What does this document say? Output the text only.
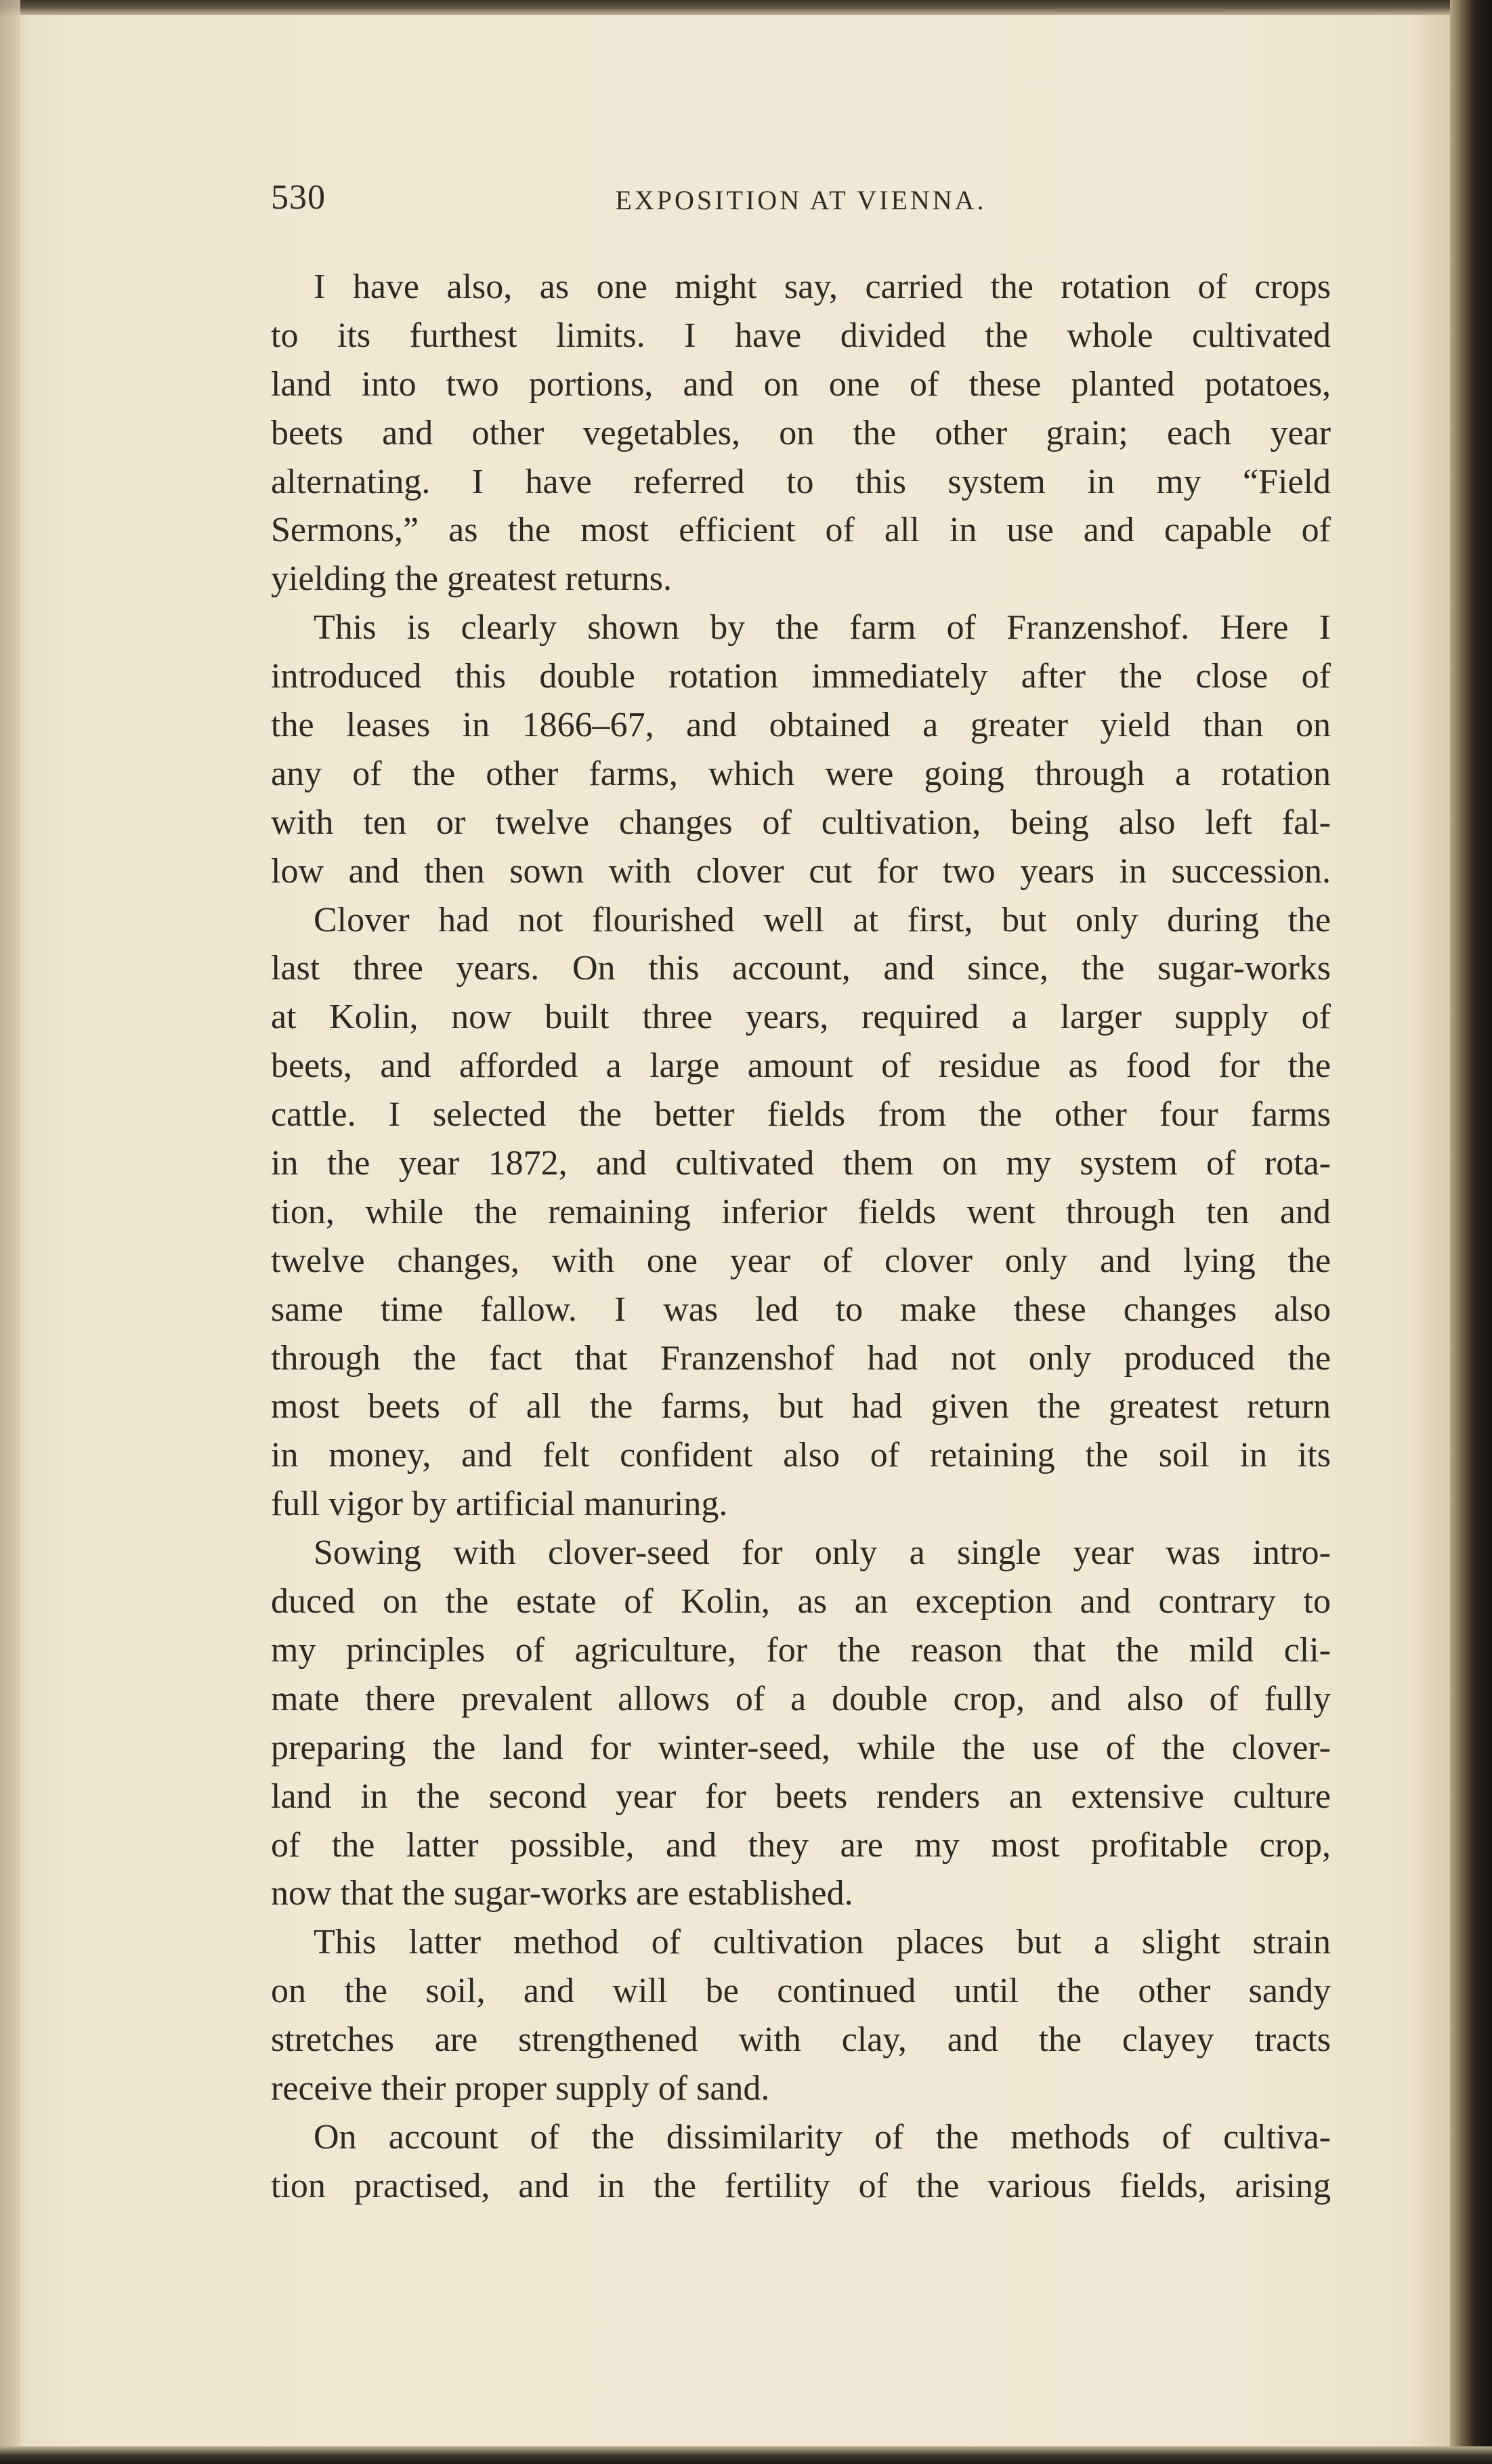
530	EXPOSITION AT VIENNA.
I have also, as one might say, carried the rotation of crops
to its furthest limits. I have divided the whole cultivated
land into two portions, and on one of these planted potatoes,
beets and other vegetables, on the other grain; each year
alternating. I have referred to this system in my “Field
Sermons,” as the most efficient of all in use and capable of
yielding the greatest returns.
This is clearly shown by the farm of Franzenshof. Here I
introduced this double rotation immediately after the close of
the leases in 1866–67, and obtained a greater yield than on
any of the other farms, which were going through a rotation
with ten or twelve changes of cultivation, being also left fal-
low and then sown with clover cut for two years in succession.
Clover had not flourished well at first, but only during the
last three years. On this account, and since, the sugar-works
at Kolin, now built three years, required a larger supply of
beets, and afforded a large amount of residue as food for the
cattle. I selected the better fields from the other four farms
in the year 1872, and cultivated them on my system of rota-
tion, while the remaining inferior fields went through ten and
twelve changes, with one year of clover only and lying the
same time fallow. I was led to make these changes also
through the fact that Franzenshof had not only produced the
most beets of all the farms, but had given the greatest return
in money, and felt confident also of retaining the soil in its
full vigor by artificial manuring.
Sowing with clover-seed for only a single year was intro-
duced on the estate of Kolin, as an exception and contrary to
my principles of agriculture, for the reason that the mild cli-
mate there prevalent allows of a double crop, and also of fully
preparing the land for winter-seed, while the use of the clover-
land in the second year for beets renders an extensive culture
of the latter possible, and they are my most profitable crop,
now that the sugar-works are established.
This latter method of cultivation places but a slight strain
on the soil, and will be continued until the other sandy
stretches are strengthened with clay, and the clayey tracts
receive their proper supply of sand.
On account of the dissimilarity of the methods of cultiva-
tion practised, and in the fertility of the various fields, arising
